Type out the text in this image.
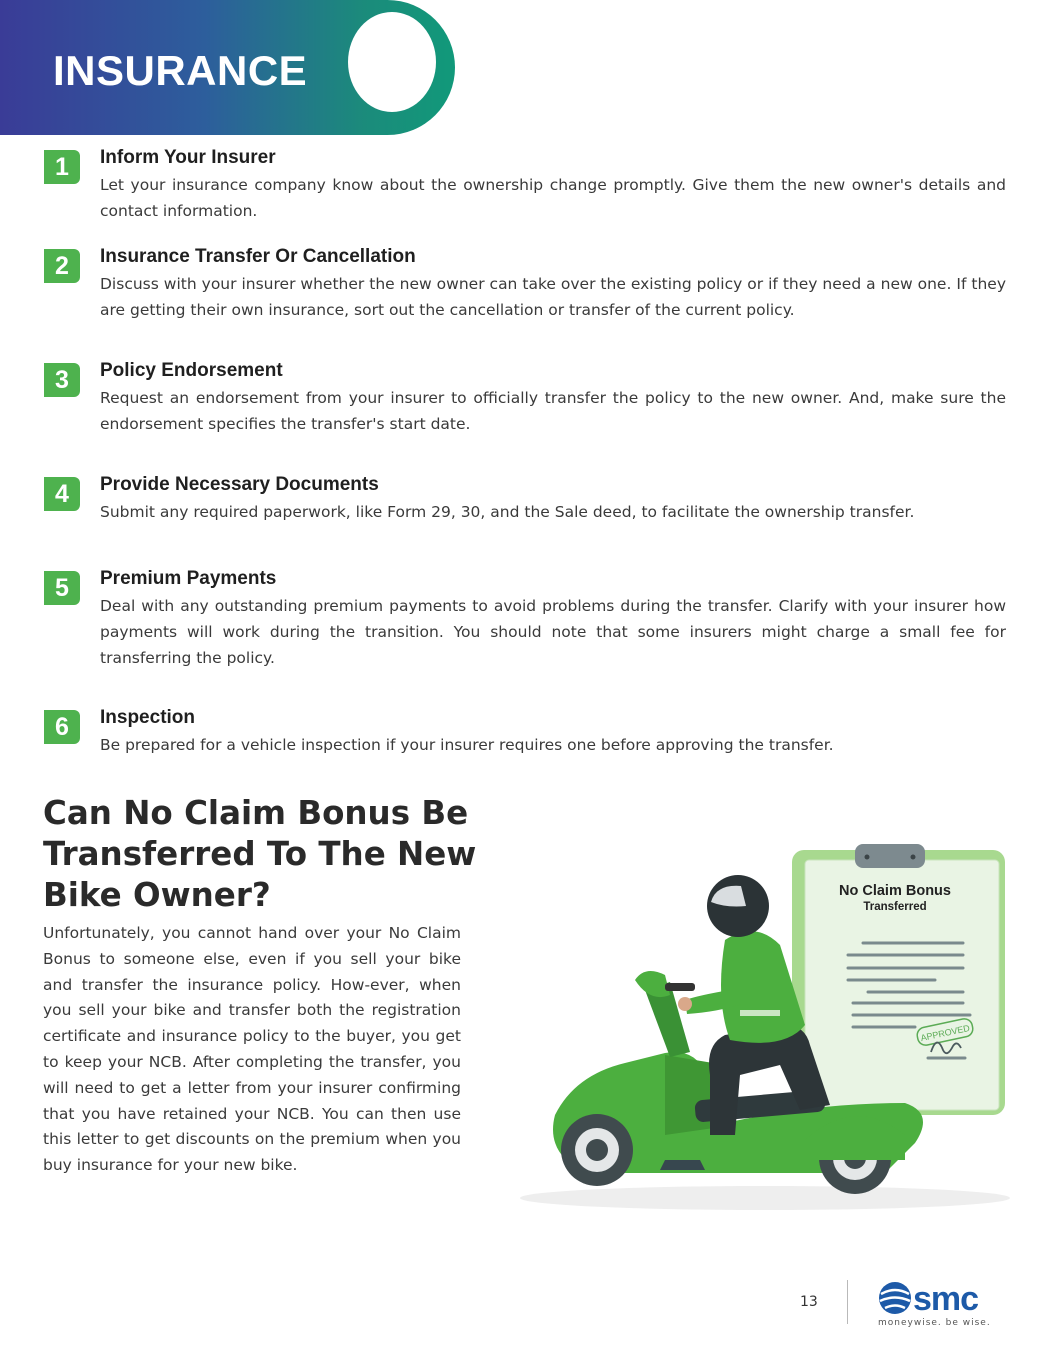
INSURANCE
1	Inform Your Insurer

Let your insurance company know about the ownership change promptly. Give them the new owner's details and contact information.

2	Insurance Transfer Or Cancellation

Discuss with your insurer whether the new owner can take over the existing policy or if they need a new one. If they are getting their own insurance, sort out the cancellation or transfer of the current policy.

3	Policy Endorsement

Request an endorsement from your insurer to officially transfer the policy to the new owner. And, make sure the endorsement specifies the transfer's start date.

4	Provide Necessary Documents

Submit any required paperwork, like Form 29, 30, and the Sale deed, to facilitate the ownership transfer.

5	Premium Payments

Deal with any outstanding premium payments to avoid problems during the transfer. Clarify with your insurer how payments will work during the transition. You should note that some insurers might charge a small fee for transferring the policy.

6	Inspection

Be prepared for a vehicle inspection if your insurer requires one before approving the transfer.

Can No Claim Bonus Be Transferred To The New Bike Owner?

Unfortunately, you cannot hand over your No Claim Bonus to someone else, even if you sell your bike and transfer the insurance policy. How-ever, when you sell your bike and transfer both the registration certificate and insurance policy to the buyer, you get to keep your NCB. After completing the transfer, you will need to get a letter from your insurer confirming that you have retained your NCB. You can then use this letter to get discounts on the premium when you buy insurance for your new bike.

No Claim Bonus
Transferred
APPROVED
13	smc
moneywise. be wise.
